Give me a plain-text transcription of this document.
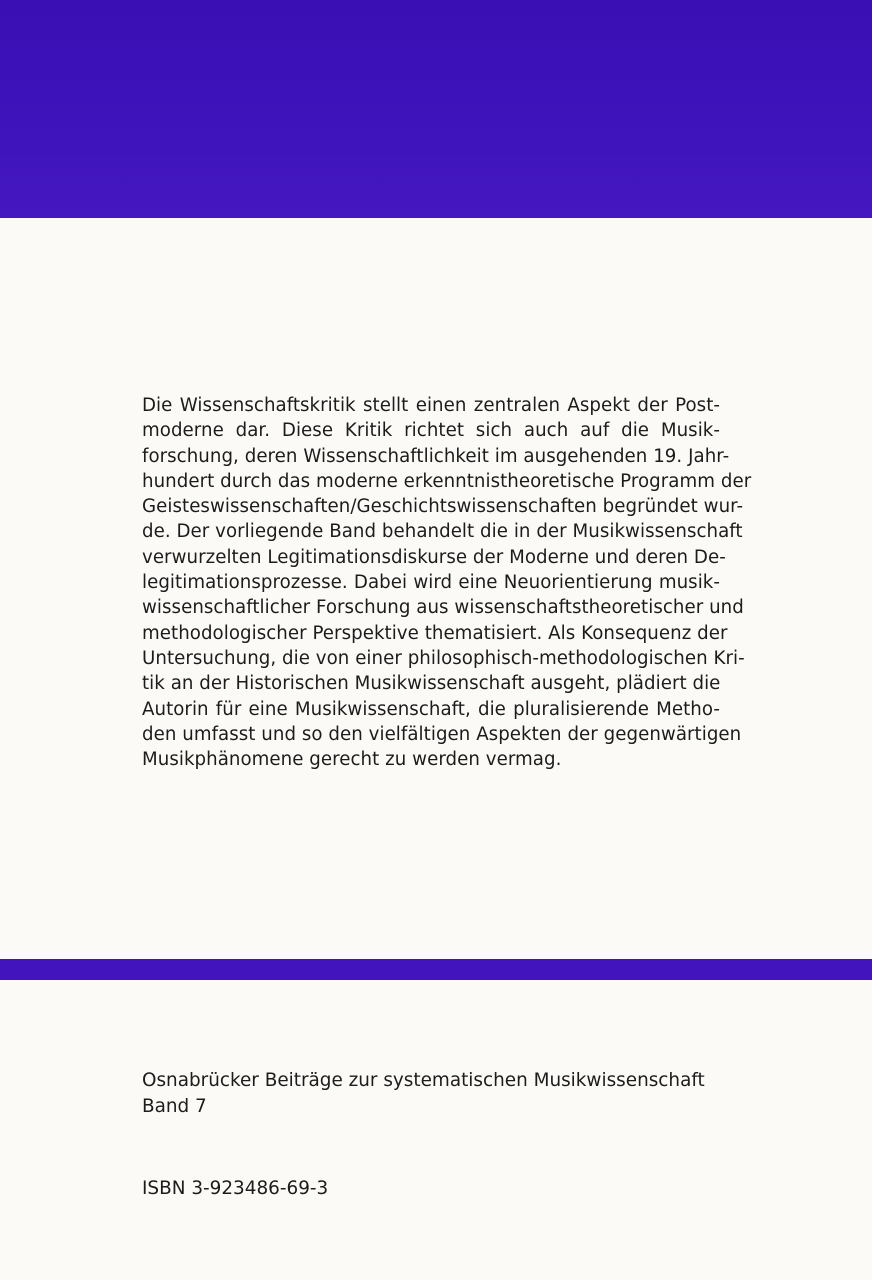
Die Wissenschaftskritik stellt einen zentralen Aspekt der Post-
moderne dar. Diese Kritik richtet sich auch auf die Musik-
forschung, deren Wissenschaftlichkeit im ausgehenden 19. Jahr-
hundert durch das moderne erkenntnistheoretische Programm der
Geisteswissenschaften/Geschichtswissenschaften begründet wur-
de. Der vorliegende Band behandelt die in der Musikwissenschaft
verwurzelten Legitimationsdiskurse der Moderne und deren De-
legitimationsprozesse. Dabei wird eine Neuorientierung musik-
wissenschaftlicher Forschung aus wissenschaftstheoretischer und
methodologischer Perspektive thematisiert. Als Konsequenz der
Untersuchung, die von einer philosophisch-methodologischen Kri-
tik an der Historischen Musikwissenschaft ausgeht, plädiert die
Autorin für eine Musikwissenschaft, die pluralisierende Metho-
den umfasst und so den vielfältigen Aspekten der gegenwärtigen
Musikphänomene gerecht zu werden vermag.
Osnabrücker Beiträge zur systematischen Musikwissenschaft
Band 7
ISBN 3-923486-69-3
